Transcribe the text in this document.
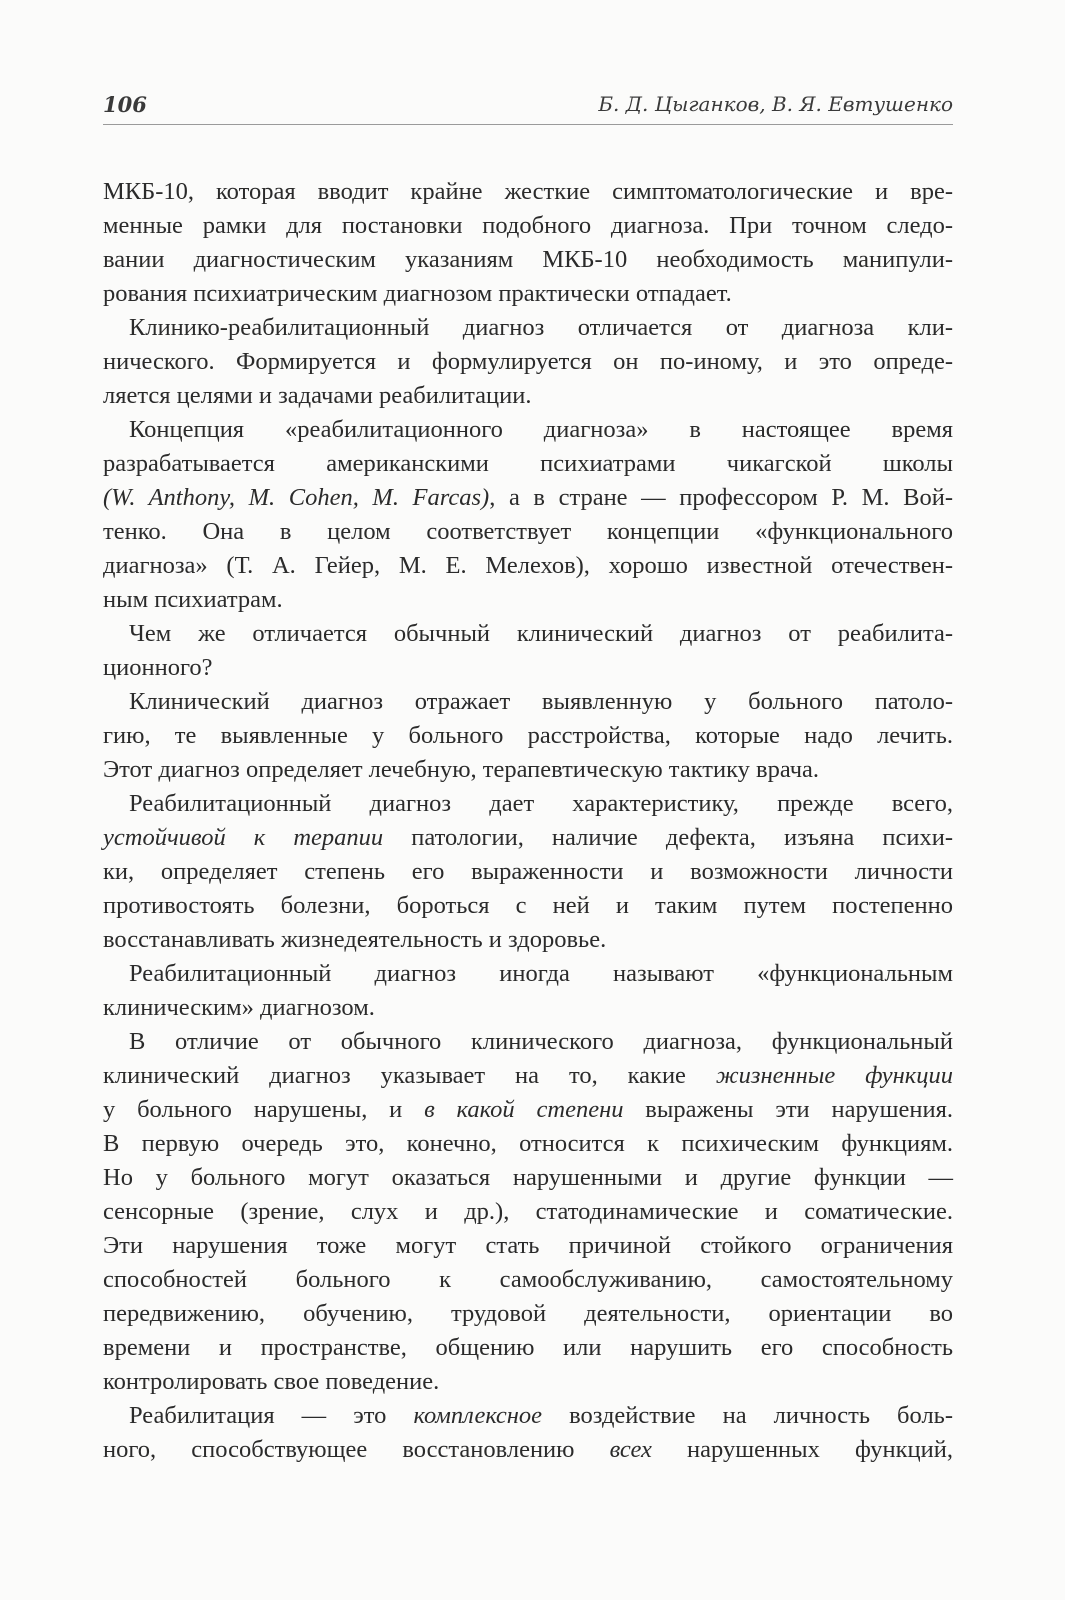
106	Б. Д. Цыганков, В. Я. Евтушенко
МКБ-10, которая вводит крайне жесткие симптоматологические и вре-
менные рамки для постановки подобного диагноза. При точном следо-
вании диагностическим указаниям МКБ-10 необходимость манипули-
рования психиатрическим диагнозом практически отпадает.
Клинико-реабилитационный диагноз отличается от диагноза кли-
нического. Формируется и формулируется он по-иному, и это опреде-
ляется целями и задачами реабилитации.
Концепция «реабилитационного диагноза» в настоящее время
разрабатывается американскими психиатрами чикагской школы
(W. Anthony, M. Cohen, M. Farcas), а в стране — профессором Р. М. Вой-
тенко. Она в целом соответствует концепции «функционального
диагноза» (Т. А. Гейер, М. Е. Мелехов), хорошо известной отечествен-
ным психиатрам.
Чем же отличается обычный клинический диагноз от реабилита-
ционного?
Клинический диагноз отражает выявленную у больного патоло-
гию, те выявленные у больного расстройства, которые надо лечить.
Этот диагноз определяет лечебную, терапевтическую тактику врача.
Реабилитационный диагноз дает характеристику, прежде всего,
устойчивой к терапии патологии, наличие дефекта, изъяна психи-
ки, определяет степень его выраженности и возможности личности
противостоять болезни, бороться с ней и таким путем постепенно
восстанавливать жизнедеятельность и здоровье.
Реабилитационный диагноз иногда называют «функциональным
клиническим» диагнозом.
В отличие от обычного клинического диагноза, функциональный
клинический диагноз указывает на то, какие жизненные функции
у больного нарушены, и в какой степени выражены эти нарушения.
В первую очередь это, конечно, относится к психическим функциям.
Но у больного могут оказаться нарушенными и другие функции —
сенсорные (зрение, слух и др.), статодинамические и соматические.
Эти нарушения тоже могут стать причиной стойкого ограничения
способностей больного к самообслуживанию, самостоятельному
передвижению, обучению, трудовой деятельности, ориентации во
времени и пространстве, общению или нарушить его способность
контролировать свое поведение.
Реабилитация — это комплексное воздействие на личность боль-
ного, способствующее восстановлению всех нарушенных функций,
